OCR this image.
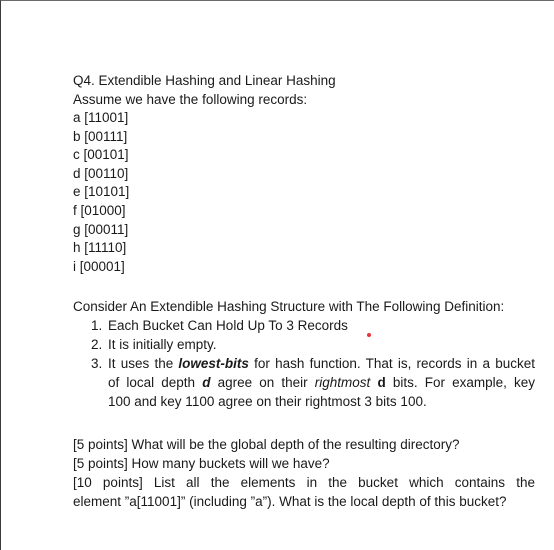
Q4. Extendible Hashing and Linear Hashing
Assume we have the following records:
a [11001]
b [00111]
c [00101]
d [00110]
e [10101]
f [01000]
g [00011]
h [11110]
i [00001]
Consider An Extendible Hashing Structure with The Following Definition:
1. Each Bucket Can Hold Up To 3 Records
2. It is initially empty.
3. It uses the lowest-bits for hash function. That is, records in a bucket
of local depth d agree on their rightmost d bits. For example, key
100 and key 1100 agree on their rightmost 3 bits 100.
[5 points] What will be the global depth of the resulting directory?
[5 points] How many buckets will we have?
[10 points] List all the elements in the bucket which contains the
element ”a[11001]” (including ”a”). What is the local depth of this bucket?
